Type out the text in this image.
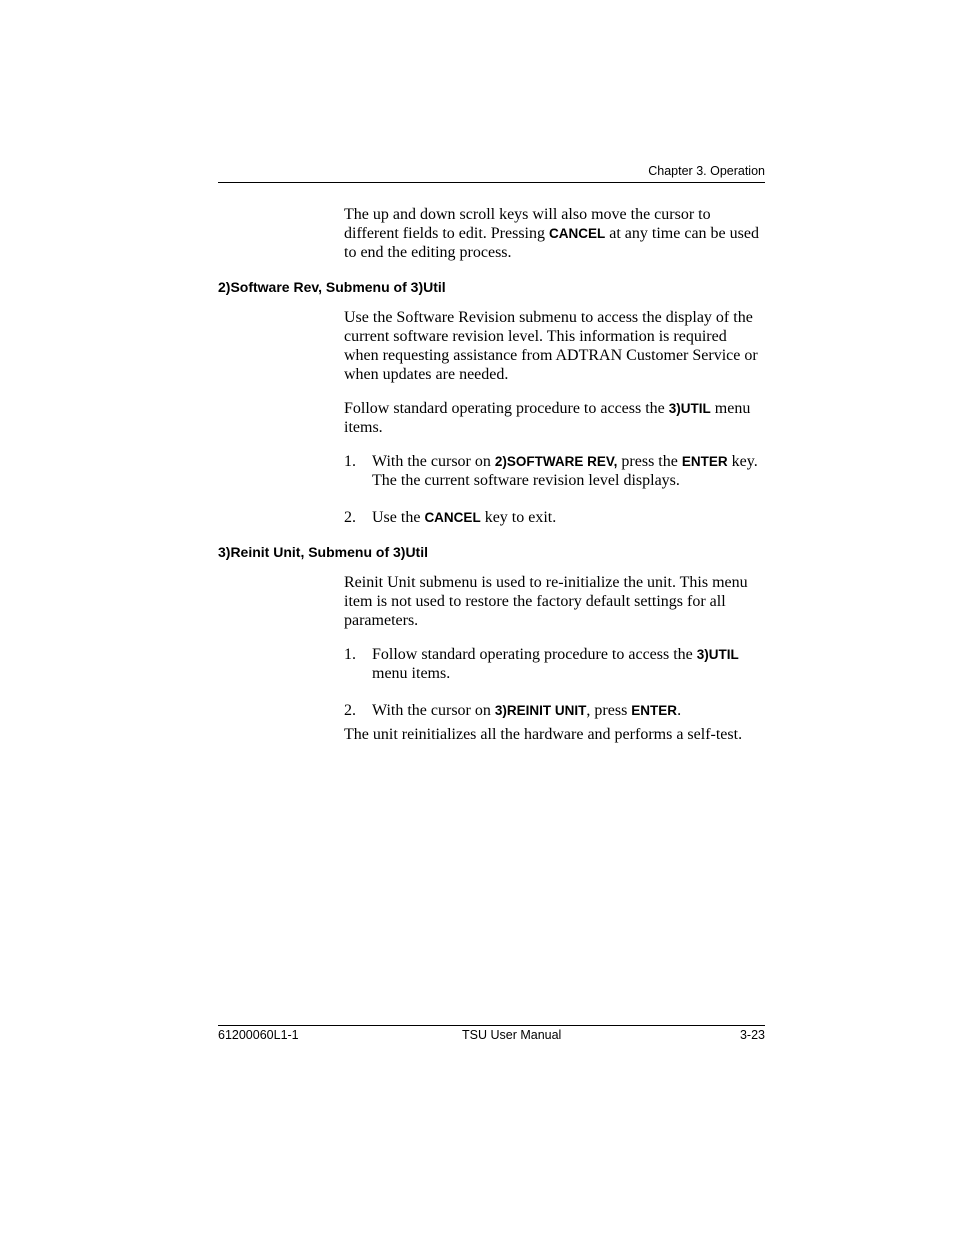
Chapter 3. Operation
The up and down scroll keys will also move the cursor to different fields to edit. Pressing CANCEL at any time can be used to end the editing process.
2)Software Rev, Submenu of 3)Util
Use the Software Revision submenu to access the display of the current software revision level. This information is required when requesting assistance from ADTRAN Customer Service or when updates are needed.
Follow standard operating procedure to access the 3)UTIL menu items.
1. With the cursor on 2)SOFTWARE REV, press the ENTER key. The the current software revision level displays.
2. Use the CANCEL key to exit.
3)Reinit Unit, Submenu of 3)Util
Reinit Unit submenu is used to re-initialize the unit. This menu item is not used to restore the factory default settings for all parameters.
1. Follow standard operating procedure to access the 3)UTIL menu items.
2. With the cursor on 3)REINIT UNIT, press ENTER.
The unit reinitializes all the hardware and performs a self-test.
61200060L1-1	TSU User Manual	3-23
